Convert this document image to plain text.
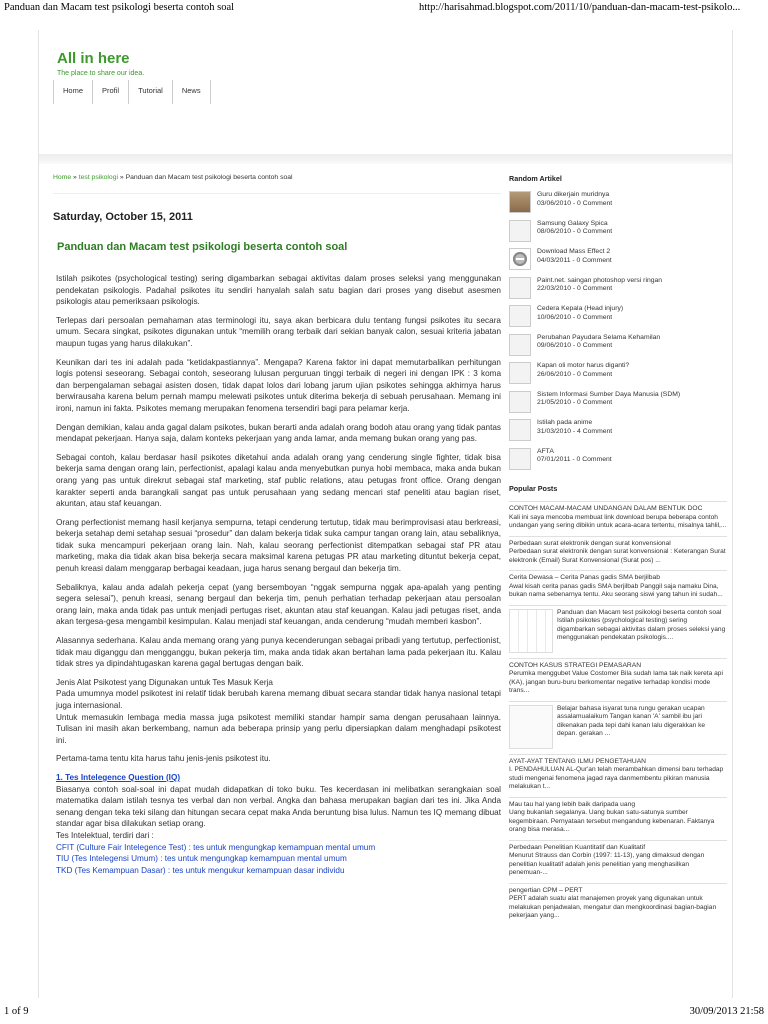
Panduan dan Macam test psikologi beserta contoh soal	http://harisahmad.blogspot.com/2011/10/panduan-dan-macam-test-psikolo...
All in here
The place to share our idea.
Home	Profil	Tutorial	News
Home » test psikologi » Panduan dan Macam test psikologi beserta contoh soal
Saturday, October 15, 2011
Panduan dan Macam test psikologi beserta contoh soal

Istilah psikotes (psychological testing) sering digambarkan sebagai aktivitas dalam proses seleksi yang menggunakan pendekatan psikologis. Padahal psikotes itu sendiri hanyalah salah satu bagian dari proses yang disebut asesmen psikologis atau pemeriksaan psikologis.

Terlepas dari persoalan pemahaman atas terminologi itu, saya akan berbicara dulu tentang fungsi psikotes itu secara umum. Secara singkat, psikotes digunakan untuk “memilih orang terbaik dari sekian banyak calon, sesuai kriteria jabatan maupun tugas yang harus dilakukan”.

Keunikan dari tes ini adalah pada “ketidakpastiannya”. Mengapa? Karena faktor ini dapat memutarbalikan perhitungan logis potensi seseorang. Sebagai contoh, seseorang lulusan perguruan tinggi terbaik di negeri ini dengan IPK : 3 koma dan berpengalaman sebagai asisten dosen, tidak dapat lolos dari lobang jarum ujian psikotes sehingga akhirnya harus berwirausaha karena belum pernah mampu melewati psikotes untuk diterima bekerja di sebuah perusahaan. Memang ini ironi, namun ini fakta. Psikotes memang merupakan fenomena tersendiri bagi para pelamar kerja.

Dengan demikian, kalau anda gagal dalam psikotes, bukan berarti anda adalah orang bodoh atau orang yang tidak pantas mendapat pekerjaan. Hanya saja, dalam konteks pekerjaan yang anda lamar, anda memang bukan orang yang pas.

Sebagai contoh, kalau berdasar hasil psikotes diketahui anda adalah orang yang cenderung single fighter, tidak bisa bekerja sama dengan orang lain, perfectionist, apalagi kalau anda menyebutkan punya hobi membaca, maka anda bukan orang yang pas untuk direkrut sebagai staf marketing, staf public relations, atau petugas front office. Orang dengan karakter seperti anda barangkali sangat pas untuk perusahaan yang sedang mencari staf peneliti atau bagian riset, akuntan, atau staf keuangan.

Orang perfectionist memang hasil kerjanya sempurna, tetapi cenderung tertutup, tidak mau berimprovisasi atau berkreasi, bekerja setahap demi setahap sesuai “prosedur” dan dalam bekerja tidak suka campur tangan orang lain, atau sebaliknya, tidak suka mencampuri pekerjaan orang lain. Nah, kalau seorang perfectionist ditempatkan sebagai staf PR atau marketing, maka dia tidak akan bisa bekerja secara maksimal karena petugas PR atau marketing dituntut bekerja cepat, penuh kreasi dalam menggarap berbagai keadaan, juga harus senang bergaul dan bekerja tim.

Sebaliknya, kalau anda adalah pekerja cepat (yang bersemboyan “nggak sempurna nggak apa-apalah yang penting segera selesai”), penuh kreasi, senang bergaul dan bekerja tim, penuh perhatian terhadap pekerjaan atau persoalan orang lain, maka anda tidak pas untuk menjadi pertugas riset, akuntan atau staf keuangan. Kalau jadi petugas riset, anda akan tergesa-gesa mengambil kesimpulan. Kalau menjadi staf keuangan, anda cenderung “mudah memberi kasbon”.

Alasannya sederhana. Kalau anda memang orang yang punya kecenderungan sebagai pribadi yang tertutup, perfectionist, tidak mau diganggu dan mengganggu, bukan pekerja tim, maka anda tidak akan bertahan lama pada pekerjaan itu. Kalau tidak stres ya dipindahtugaskan karena gagal bertugas dengan baik.

Jenis Alat Psikotest yang Digunakan untuk Tes Masuk Kerja

Pada umumnya model psikotest ini relatif tidak berubah karena memang dibuat secara standar tidak hanya nasional tetapi juga internasional.

Untuk memasukin lembaga media massa juga psikotest memiliki standar hampir sama dengan perusahaan lainnya. Tulisan ini masih akan berkembang, namun ada beberapa prinsip yang perlu dipersiapkan dalam menghadapi psikotest ini.

Pertama-tama tentu kita harus tahu jenis-jenis psikotest itu.

1. Tes Intelegence Question (IQ)

Biasanya contoh soal-soal ini dapat mudah didapatkan di toko buku. Tes kecerdasan ini melibatkan serangkaian soal matematika dalam istilah tesnya tes verbal dan non verbal. Angka dan bahasa merupakan bagian dari tes ini. Jika Anda senang dengan teka teki silang dan hitungan secara cepat maka Anda beruntung bisa lulus. Namun tes IQ memang dibuat standar agar bisa dilakukan setiap orang.

Tes Intelektual, terdiri dari :

CFIT (Culture Fair Intelegence Test) : tes untuk mengungkap kemampuan mental umum

TIU (Tes Intelegensi Umum) : tes untuk mengungkap kemampuan mental umum

TKD (Tes Kemampuan Dasar) : tes untuk mengukur kemampuan dasar individu

Random Artikel
Guru dikerjain muridnya
03/06/2010 - 0 Comment
Samsung Galaxy Spica
08/06/2010 - 0 Comment
Download Mass Effect 2
04/03/2011 - 0 Comment
Paint.net. saingan photoshop versi ringan
22/03/2010 - 0 Comment
Cedera Kepala (Head injury)
10/06/2010 - 0 Comment
Perubahan Payudara Selama Kehamilan
09/06/2010 - 0 Comment
Kapan oli motor harus diganti?
26/06/2010 - 0 Comment
Sistem Informasi Sumber Daya Manusia (SDM)
21/05/2010 - 0 Comment
Istilah pada anime
31/03/2010 - 4 Comment
AFTA
07/01/2011 - 0 Comment
Popular Posts
CONTOH MACAM-MACAM UNDANGAN DALAM BENTUK DOC
Kali ini saya mencoba membuat link download berupa beberapa contoh undangan yang sering dibikin untuk acara-acara tertentu, misalnya tahlil,...
Perbedaan surat elektronik dengan surat konvensional
Perbedaan surat elektronik dengan surat konvensional : Keterangan Surat elektronik (Email) Surat Konvensional (Surat pos) ...
Cerita Dewasa – Cerita Panas gadis SMA berjilbab
Awal kisah cerita panas gadis SMA berjilbab Panggil saja namaku Dina, bukan nama sebenarnya tentu. Aku seorang siswi yang tahun ini sudah...
Panduan dan Macam test psikologi beserta contoh soal
Istilah psikotes (psychological testing) sering digambarkan sebagai aktivitas dalam proses seleksi yang menggunakan pendekatan psikologis....
CONTOH KASUS STRATEGI PEMASARAN
Perumka menggubet Value Costomer Bila sudah lama tak naik kereta api (KA), jangan buru-buru berkomentar negative terhadap kondisi mode trans...
Belajar bahasa isyarat tuna rungu gerakan ucapan assalamualaikum Tangan kanan 'A' sambil ibu jari dikenakan pada tepi dahi kanan lalu digerakkan ke depan. gerakan ...
AYAT-AYAT TENTANG ILMU PENGETAHUAN
I. PENDAHULUAN AL-Qur'an telah merambahkan dimensi baru terhadap studi mengenai fenomena jagad raya danmembentu pikiran manusia melakukan t...
Mau tau hal yang lebih baik daripada uang
Uang bukanlah segalanya. Uang bukan satu-satunya sumber kegembiraan. Pernyataan tersebut mengandung kebenaran. Faktanya orang bisa merasa...
Perbedaan Penelitian Kuantitatif dan Kualitatif
Menurut Strauss dan Corbin (1997: 11-13), yang dimaksud dengan penelitian kualitatif adalah jenis penelitian yang menghasilkan penemuan-...
pengertian CPM – PERT
PERT adalah suatu alat manajemen proyek yang digunakan untuk melakukan penjadwalan, mengatur dan mengkoordinasi bagian-bagian pekerjaan yang...
1 of 9	30/09/2013 21:58
